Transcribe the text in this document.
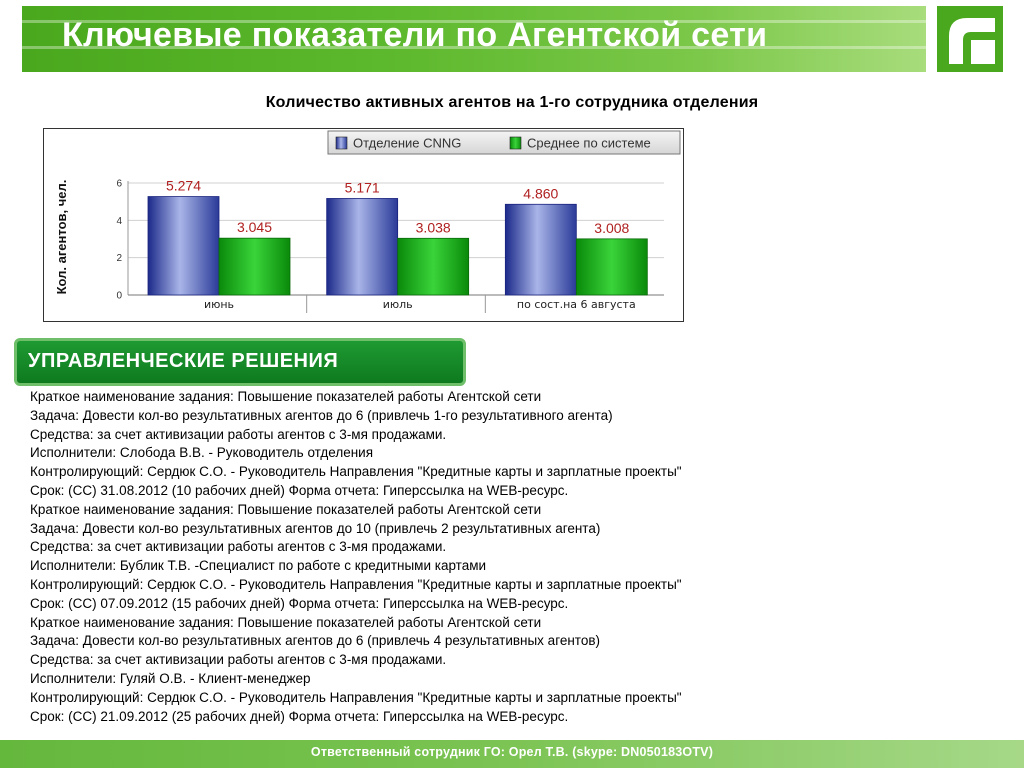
Ключевые показатели по Агентской сети
Количество активных агентов на 1-го сотрудника отделения
0
2
4
6	5.274
3.045
5.171
3.038
4.860
3.008
июнь	июль	по сост.на 6 августа
Кол. агентов, чел.
Отделение CNNG	Среднее по системе
УПРАВЛЕНЧЕСКИЕ РЕШЕНИЯ
Краткое наименование задания: Повышение показателей работы Агентской сети
Задача: Довести кол-во результативных агентов до 6 (привлечь 1-го результативного агента)
Средства: за счет активизации работы агентов с 3-мя продажами.
Исполнители: Слобода В.В. - Руководитель отделения
Контролирующий: Сердюк С.О. - Руководитель Направления "Кредитные карты и зарплатные проекты"
Срок: (СС) 31.08.2012 (10 рабочих дней) Форма отчета: Гиперссылка на WEB-ресурс.
Краткое наименование задания: Повышение показателей работы Агентской сети
Задача: Довести кол-во результативных агентов до 10 (привлечь 2 результативных агента)
Средства: за счет активизации работы агентов с 3-мя продажами.
Исполнители: Бублик Т.В. -Специалист по работе с кредитными картами
Контролирующий: Сердюк С.О. - Руководитель Направления "Кредитные карты и зарплатные проекты"
Срок: (СС) 07.09.2012 (15 рабочих дней) Форма отчета: Гиперссылка на WEB-ресурс.
Краткое наименование задания: Повышение показателей работы Агентской сети
Задача: Довести кол-во результативных агентов до 6 (привлечь 4 результативных агентов)
Средства: за счет активизации работы агентов с 3-мя продажами.
Исполнители: Гуляй О.В. - Клиент-менеджер
Контролирующий: Сердюк С.О. - Руководитель Направления "Кредитные карты и зарплатные проекты"
Срок: (СС) 21.09.2012 (25 рабочих дней) Форма отчета: Гиперссылка на WEB-ресурс.
Ответственный сотрудник ГО: Орел Т.В. (skype: DN050183OTV)
